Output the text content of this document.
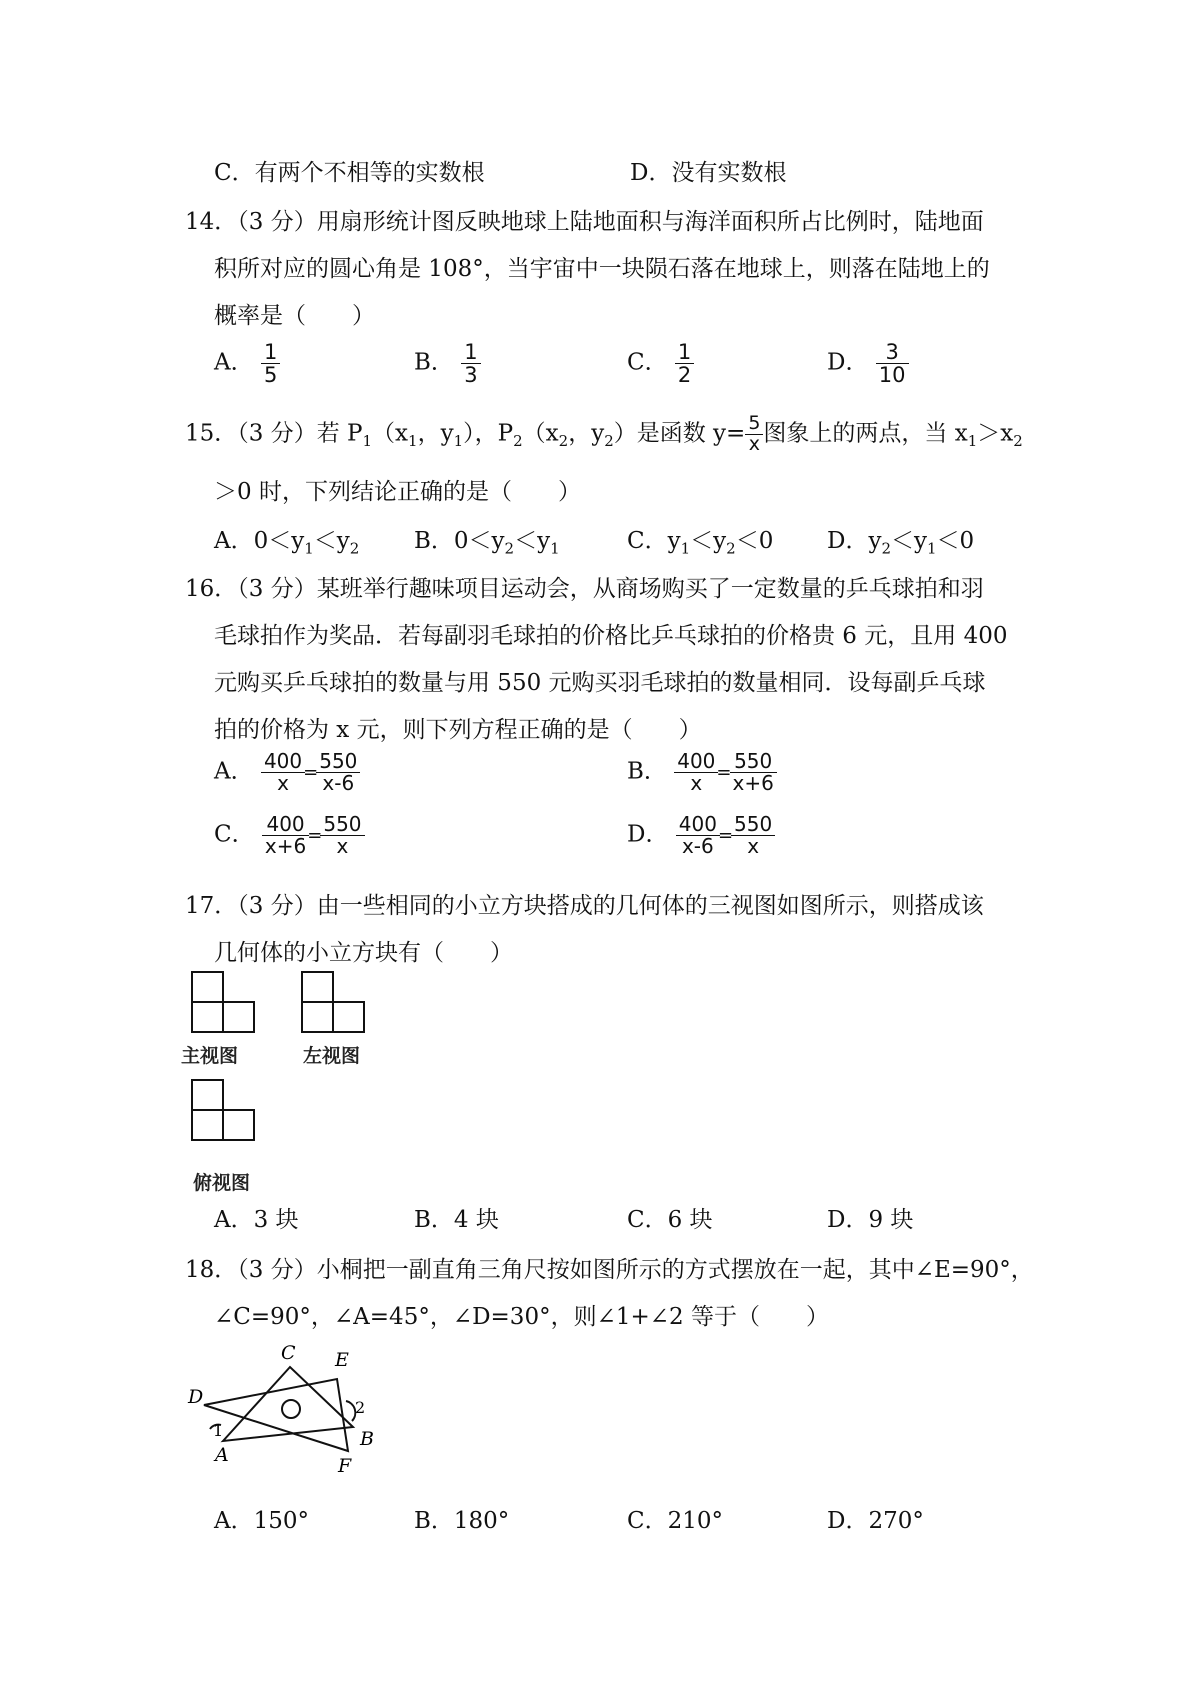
C．有两个不相等的实数根	D．没有实数根
14．（3 分）用扇形统计图反映地球上陆地面积与海洋面积所占比例时，陆地面
积所对应的圆心角是 108°，当宇宙中一块陨石落在地球上，则落在陆地上的
概率是（　　）
A． $\frac{1}{5}$	B． $\frac{1}{3}$	C． $\frac{1}{2}$	D． $\frac{3}{10}$
15．（3 分）若 $P_1(x_1$，$y_1$），$P_2(x_2$，$y_2$）是函数 $y= \frac{5}{x}$ 图象上的两点，当 $x_1>x_2$
＞0 时，下列结论正确的是（　　）
A．$0<y_1<y_2$ B．$0<y_2<y_1$	C．$y_1<y_2<0$ D．$y_2<y_1<0$
16．（3 分）某班举行趣味项目运动会，从商场购买了一定数量的乒乓球拍和羽
毛球拍作为奖品．若每副羽毛球拍的价格比乒乓球拍的价格贵 6 元，且用 400
元购买乒乓球拍的数量与用 550 元购买羽毛球拍的数量相同．设每副乒乓球
拍的价格为 x 元，则下列方程正确的是（　　）
A． $\frac{400}{x}$
=
$\frac{550}{x-6}$	B． $\frac{400}{x}$
=
$\frac{550}{x+6}$
C． $\frac{400}{x+6}$
=
$\frac{550}{x}$	D． $\frac{400}{x-6}$
=
$\frac{550}{x}$
17．（3 分）由一些相同的小立方块搭成的几何体的三视图如图所示，则搭成该
几何体的小立方块有（　　）
主视图	左视图
俯视图
A．3 块	B．4 块	C．6 块	D．9 块
18．（3 分）小桐把一副直角三角尺按如图所示的方式摆放在一起，其中∠E=90°，
∠C=90°，∠A=45°，∠D=30°，则∠1+∠2 等于（　　）
C E
D
A
B
F
1
2
A．150°	B．180°	C．210°	D．270°
